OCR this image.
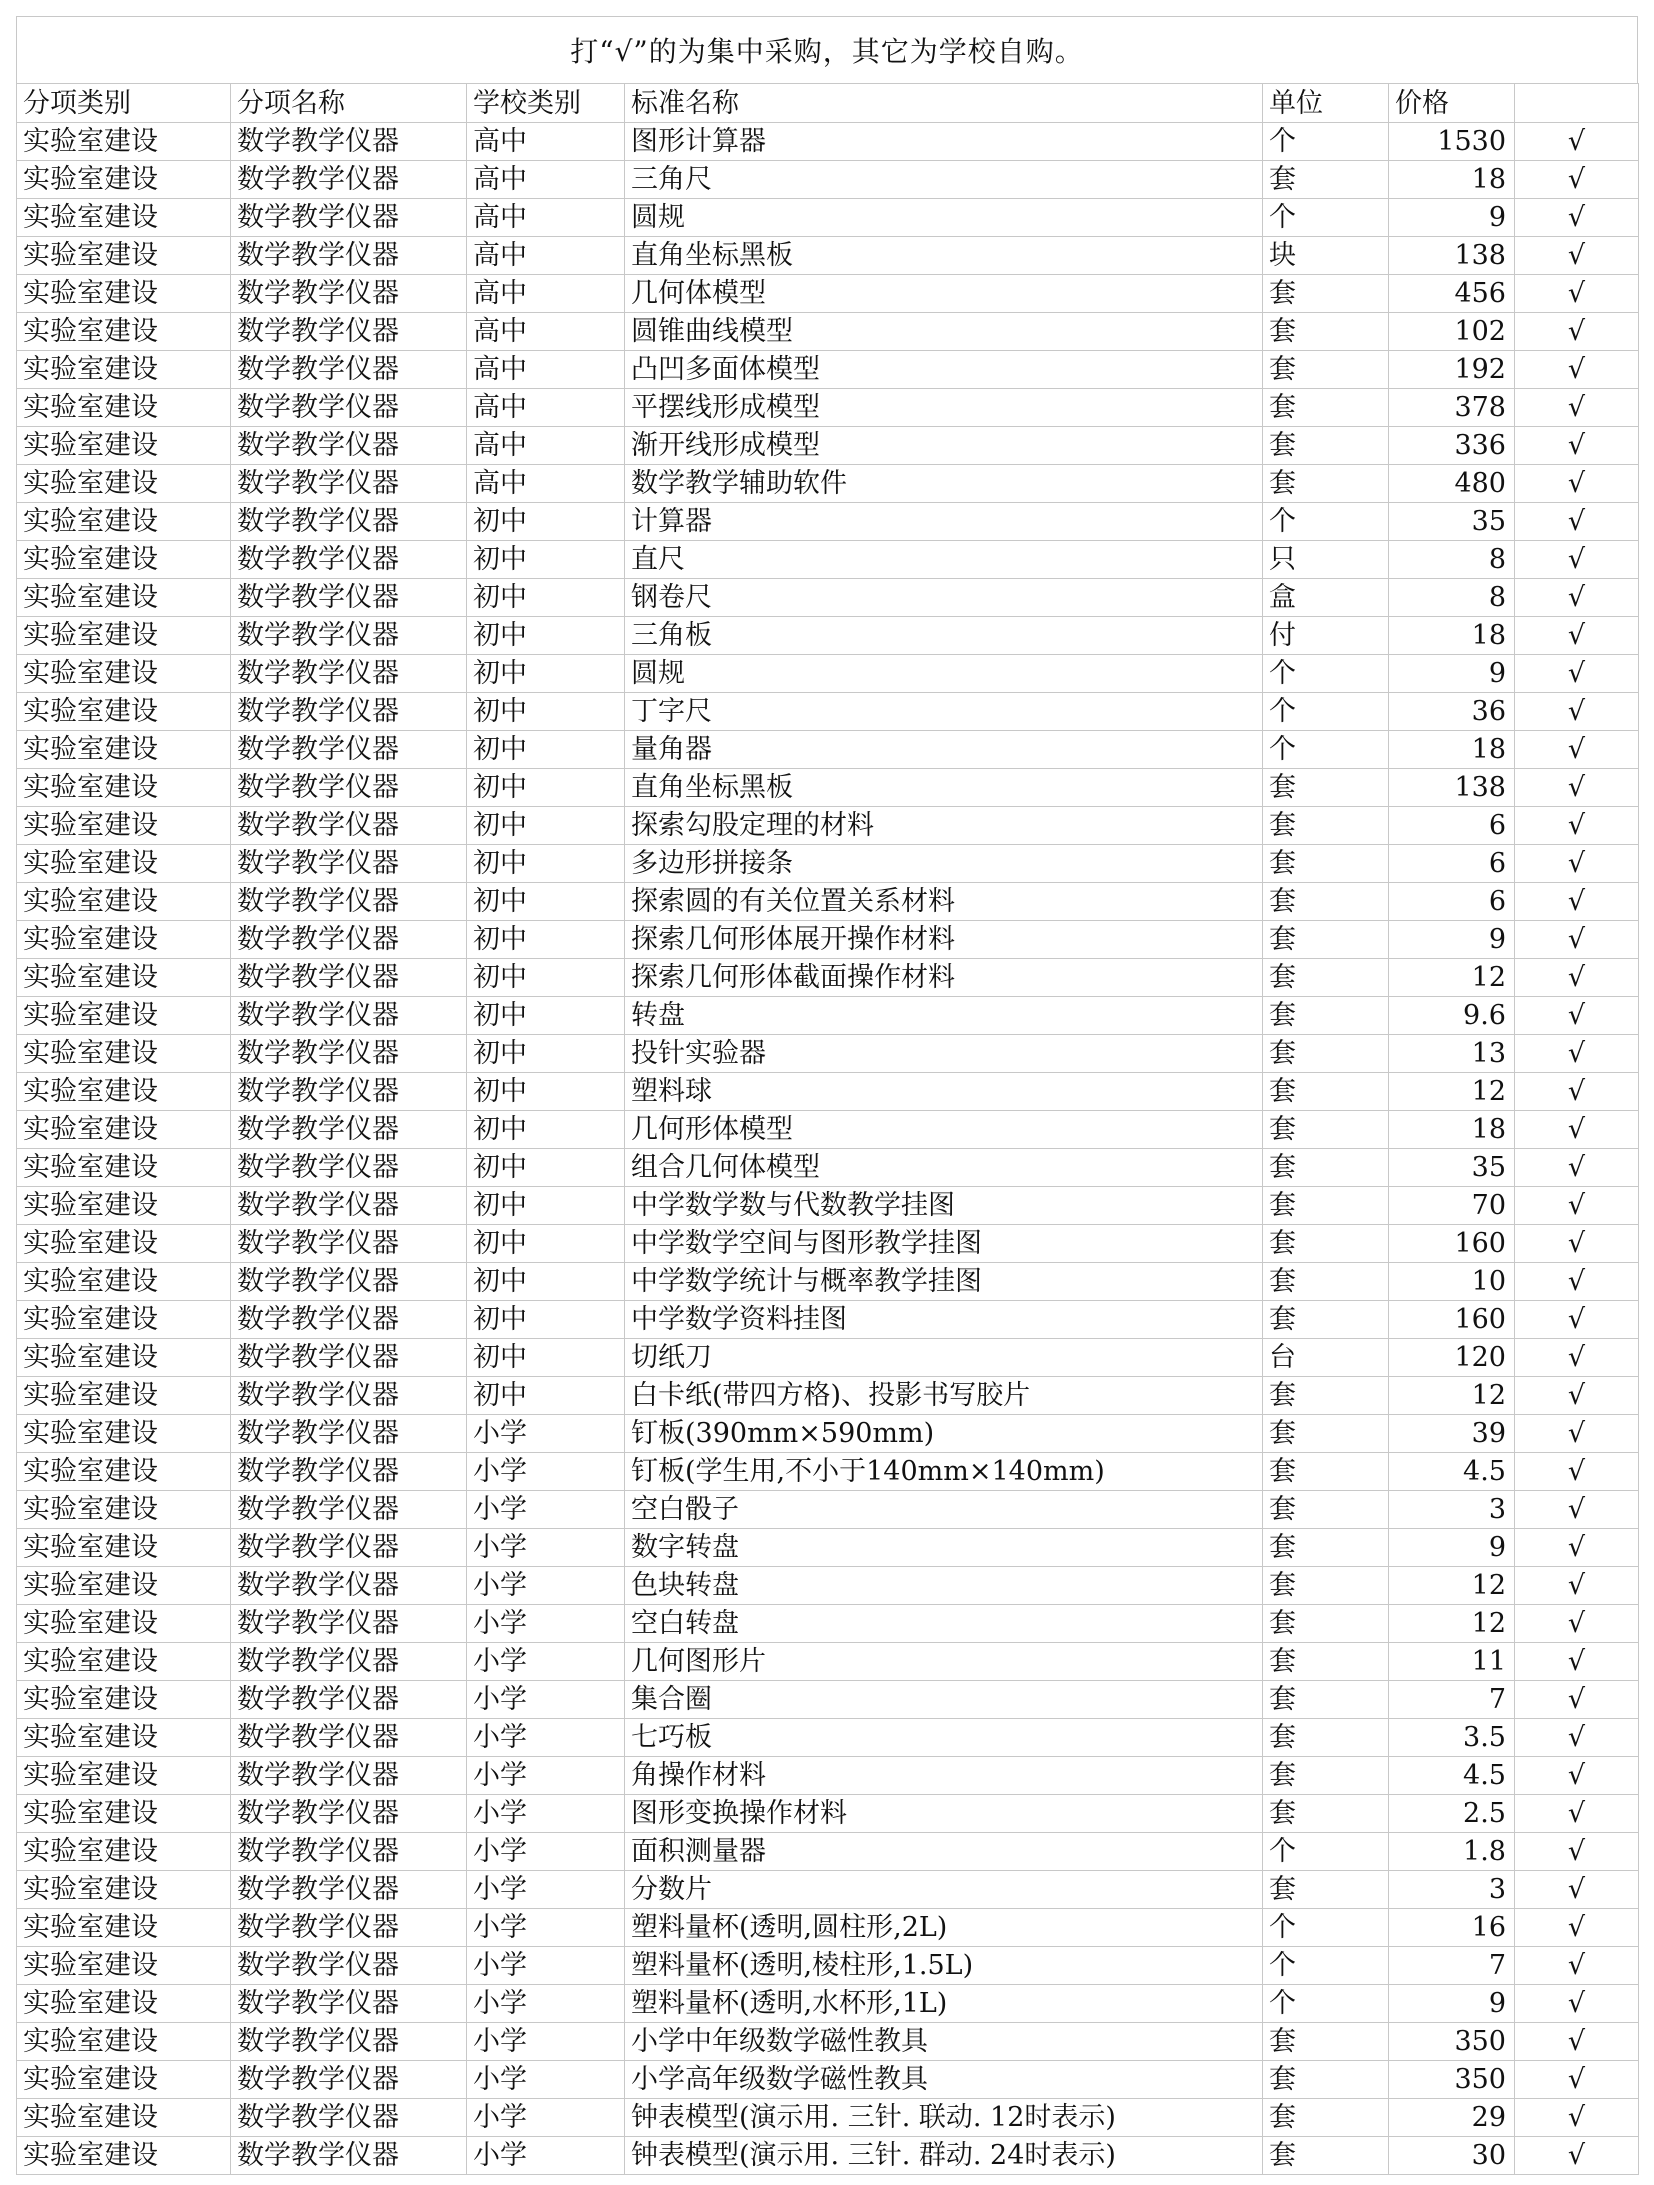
打“√”的为集中采购，其它为学校自购。
分项类别	分项名称	学校类别	标准名称	单位	价格	
实验室建设	数学教学仪器	高中	图形计算器	个	1530	√
实验室建设	数学教学仪器	高中	三角尺	套	18	√
实验室建设	数学教学仪器	高中	圆规	个	9	√
实验室建设	数学教学仪器	高中	直角坐标黑板	块	138	√
实验室建设	数学教学仪器	高中	几何体模型	套	456	√
实验室建设	数学教学仪器	高中	圆锥曲线模型	套	102	√
实验室建设	数学教学仪器	高中	凸凹多面体模型	套	192	√
实验室建设	数学教学仪器	高中	平摆线形成模型	套	378	√
实验室建设	数学教学仪器	高中	渐开线形成模型	套	336	√
实验室建设	数学教学仪器	高中	数学教学辅助软件	套	480	√
实验室建设	数学教学仪器	初中	计算器	个	35	√
实验室建设	数学教学仪器	初中	直尺	只	8	√
实验室建设	数学教学仪器	初中	钢卷尺	盒	8	√
实验室建设	数学教学仪器	初中	三角板	付	18	√
实验室建设	数学教学仪器	初中	圆规	个	9	√
实验室建设	数学教学仪器	初中	丁字尺	个	36	√
实验室建设	数学教学仪器	初中	量角器	个	18	√
实验室建设	数学教学仪器	初中	直角坐标黑板	套	138	√
实验室建设	数学教学仪器	初中	探索勾股定理的材料	套	6	√
实验室建设	数学教学仪器	初中	多边形拼接条	套	6	√
实验室建设	数学教学仪器	初中	探索圆的有关位置关系材料	套	6	√
实验室建设	数学教学仪器	初中	探索几何形体展开操作材料	套	9	√
实验室建设	数学教学仪器	初中	探索几何形体截面操作材料	套	12	√
实验室建设	数学教学仪器	初中	转盘	套	9.6	√
实验室建设	数学教学仪器	初中	投针实验器	套	13	√
实验室建设	数学教学仪器	初中	塑料球	套	12	√
实验室建设	数学教学仪器	初中	几何形体模型	套	18	√
实验室建设	数学教学仪器	初中	组合几何体模型	套	35	√
实验室建设	数学教学仪器	初中	中学数学数与代数教学挂图	套	70	√
实验室建设	数学教学仪器	初中	中学数学空间与图形教学挂图	套	160	√
实验室建设	数学教学仪器	初中	中学数学统计与概率教学挂图	套	10	√
实验室建设	数学教学仪器	初中	中学数学资料挂图	套	160	√
实验室建设	数学教学仪器	初中	切纸刀	台	120	√
实验室建设	数学教学仪器	初中	白卡纸(带四方格)、投影书写胶片	套	12	√
实验室建设	数学教学仪器	小学	钉板(390mm×590mm)	套	39	√
实验室建设	数学教学仪器	小学	钉板(学生用,不小于140mm×140mm)	套	4.5	√
实验室建设	数学教学仪器	小学	空白骰子	套	3	√
实验室建设	数学教学仪器	小学	数字转盘	套	9	√
实验室建设	数学教学仪器	小学	色块转盘	套	12	√
实验室建设	数学教学仪器	小学	空白转盘	套	12	√
实验室建设	数学教学仪器	小学	几何图形片	套	11	√
实验室建设	数学教学仪器	小学	集合圈	套	7	√
实验室建设	数学教学仪器	小学	七巧板	套	3.5	√
实验室建设	数学教学仪器	小学	角操作材料	套	4.5	√
实验室建设	数学教学仪器	小学	图形变换操作材料	套	2.5	√
实验室建设	数学教学仪器	小学	面积测量器	个	1.8	√
实验室建设	数学教学仪器	小学	分数片	套	3	√
实验室建设	数学教学仪器	小学	塑料量杯(透明,圆柱形,2L)	个	16	√
实验室建设	数学教学仪器	小学	塑料量杯(透明,棱柱形,1.5L)	个	7	√
实验室建设	数学教学仪器	小学	塑料量杯(透明,水杯形,1L)	个	9	√
实验室建设	数学教学仪器	小学	小学中年级数学磁性教具	套	350	√
实验室建设	数学教学仪器	小学	小学高年级数学磁性教具	套	350	√
实验室建设	数学教学仪器	小学	钟表模型(演示用. 三针. 联动. 12时表示)	套	29	√
实验室建设	数学教学仪器	小学	钟表模型(演示用. 三针. 群动. 24时表示)	套	30	√
